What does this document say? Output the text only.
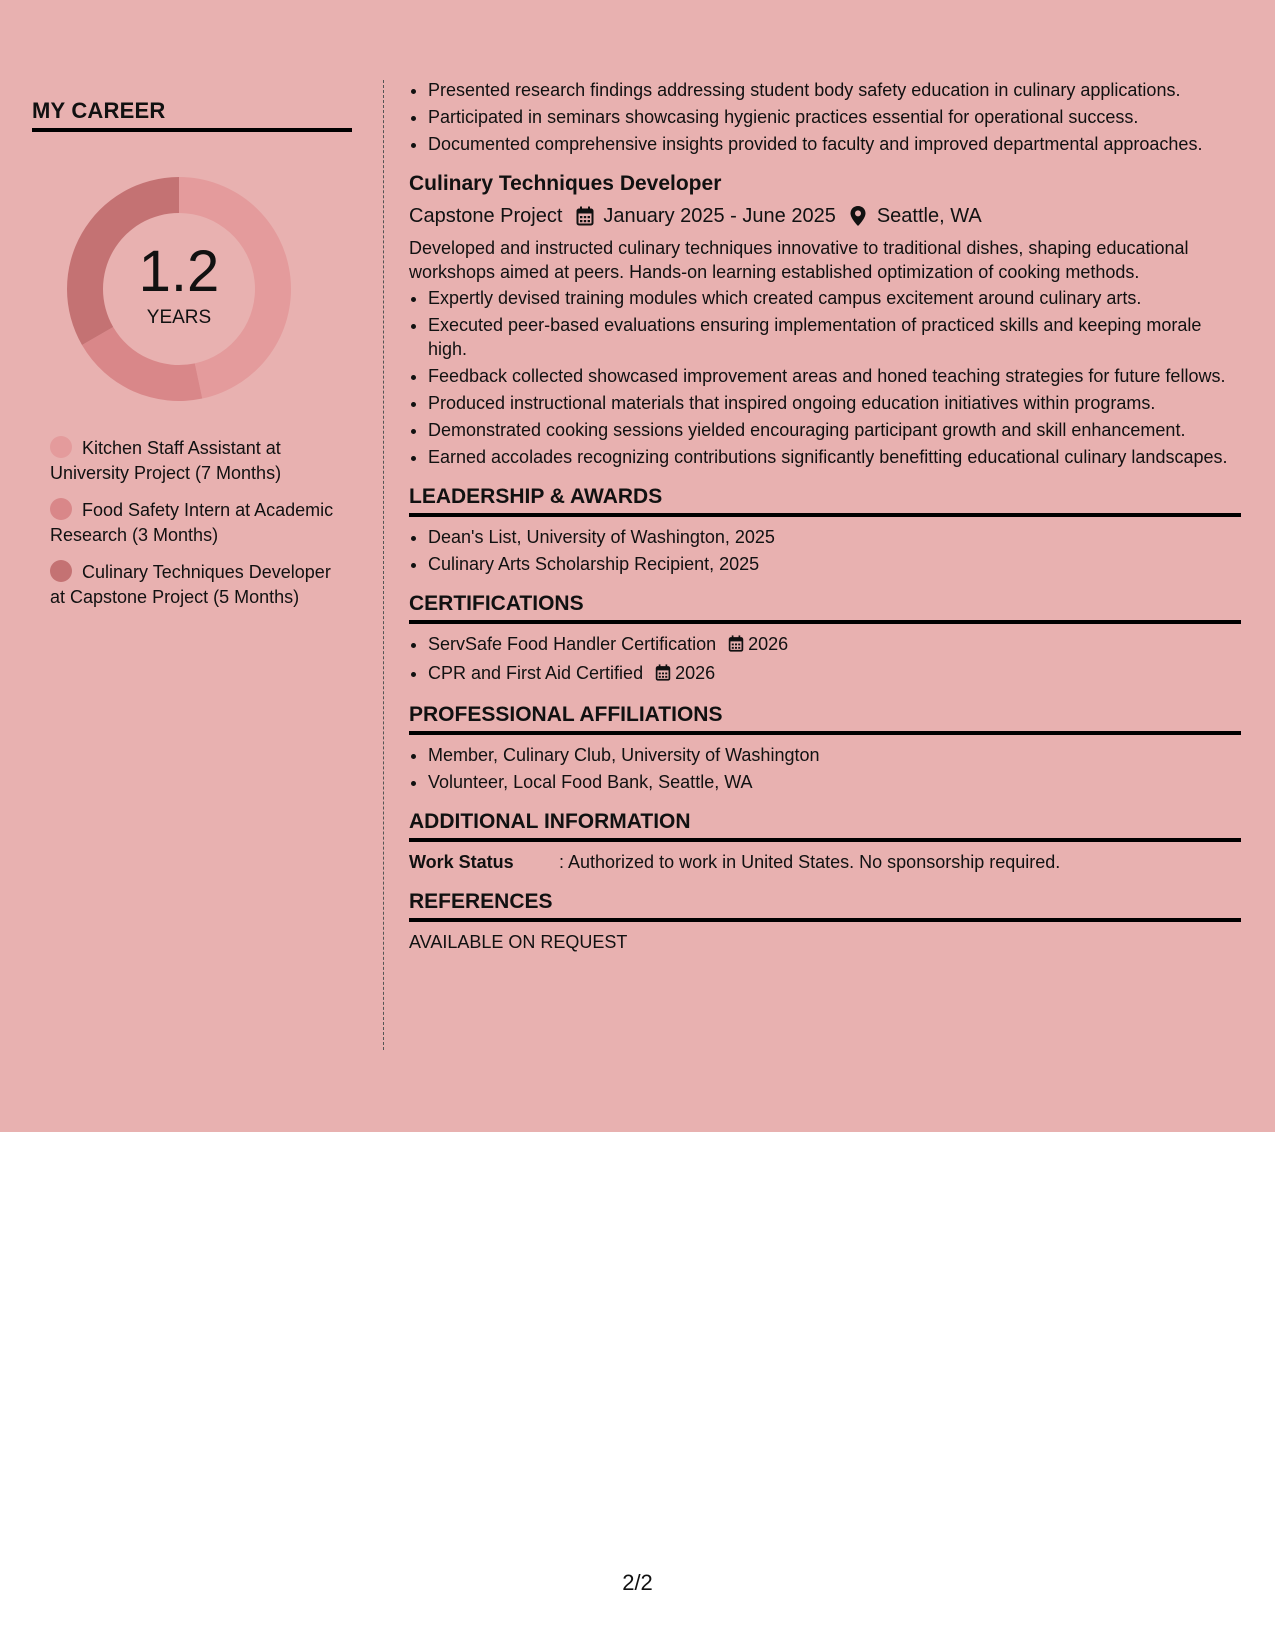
MY CAREER
1.2
YEARS
Kitchen Staff Assistant at University Project (7 Months)
Food Safety Intern at Academic Research (3 Months)
Culinary Techniques Developer at Capstone Project (5 Months)
• Presented research findings addressing student body safety education in culinary applications.
• Participated in seminars showcasing hygienic practices essential for operational success.
• Documented comprehensive insights provided to faculty and improved departmental approaches.
Culinary Techniques Developer
Capstone Project January 2025 - June 2025 Seattle, WA
Developed and instructed culinary techniques innovative to traditional dishes, shaping educational workshops aimed at peers. Hands-on learning established optimization of cooking methods.
• Expertly devised training modules which created campus excitement around culinary arts.
• Executed peer-based evaluations ensuring implementation of practiced skills and keeping morale high.
• Feedback collected showcased improvement areas and honed teaching strategies for future fellows.
• Produced instructional materials that inspired ongoing education initiatives within programs.
• Demonstrated cooking sessions yielded encouraging participant growth and skill enhancement.
• Earned accolades recognizing contributions significantly benefitting educational culinary landscapes.
LEADERSHIP & AWARDS
• Dean's List, University of Washington, 2025
• Culinary Arts Scholarship Recipient, 2025
CERTIFICATIONS
• ServSafe Food Handler Certification 2026
• CPR and First Aid Certified 2026
PROFESSIONAL AFFILIATIONS
• Member, Culinary Club, University of Washington
• Volunteer, Local Food Bank, Seattle, WA
ADDITIONAL INFORMATION
Work Status	: Authorized to work in United States. No sponsorship required.
REFERENCES
AVAILABLE ON REQUEST
2/2
